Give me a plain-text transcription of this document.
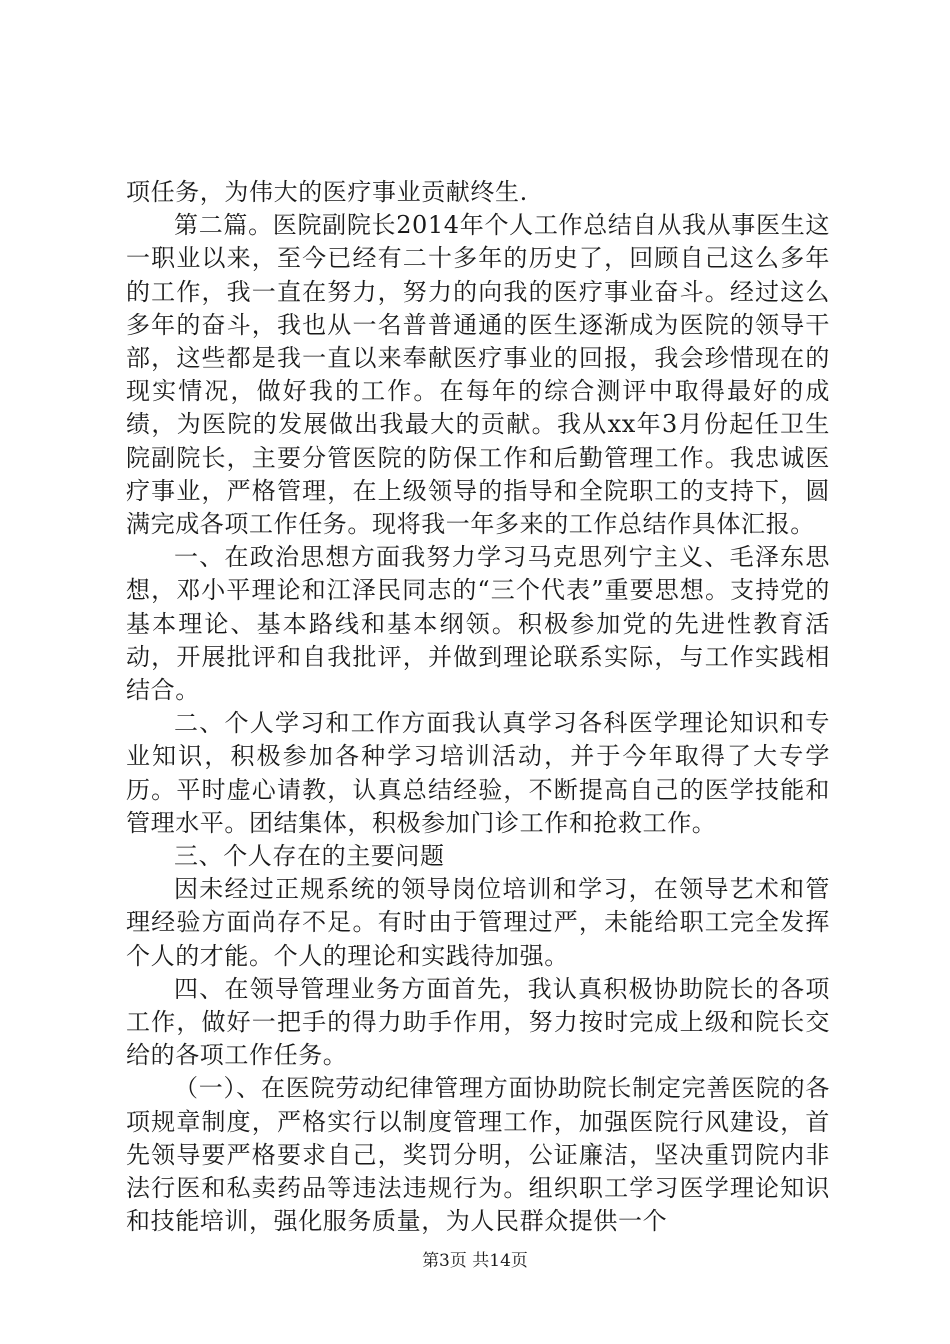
项任务，为伟大的医疗事业贡献终生.

第二篇。医院副院长2014年个人工作总结自从我从事医生这一职业以来，至今已经有二十多年的历史了，回顾自己这么多年的工作，我一直在努力，努力的向我的医疗事业奋斗。经过这么多年的奋斗，我也从一名普普通通的医生逐渐成为医院的领导干部，这些都是我一直以来奉献医疗事业的回报，我会珍惜现在的现实情况，做好我的工作。在每年的综合测评中取得最好的成绩，为医院的发展做出我最大的贡献。我从xx年3月份起任卫生院副院长，主要分管医院的防保工作和后勤管理工作。我忠诚医疗事业，严格管理，在上级领导的指导和全院职工的支持下，圆满完成各项工作任务。现将我一年多来的工作总结作具体汇报。

一、在政治思想方面我努力学习马克思列宁主义、毛泽东思想，邓小平理论和江泽民同志的“三个代表”重要思想。支持党的基本理论、基本路线和基本纲领。积极参加党的先进性教育活动，开展批评和自我批评，并做到理论联系实际，与工作实践相结合。

二、个人学习和工作方面我认真学习各科医学理论知识和专业知识，积极参加各种学习培训活动，并于今年取得了大专学历。平时虚心请教，认真总结经验，不断提高自己的医学技能和管理水平。团结集体，积极参加门诊工作和抢救工作。

三、个人存在的主要问题

因未经过正规系统的领导岗位培训和学习，在领导艺术和管理经验方面尚存不足。有时由于管理过严，未能给职工完全发挥个人的才能。个人的理论和实践待加强。

四、在领导管理业务方面首先，我认真积极协助院长的各项工作，做好一把手的得力助手作用，努力按时完成上级和院长交给的各项工作任务。

（一）、在医院劳动纪律管理方面协助院长制定完善医院的各项规章制度，严格实行以制度管理工作，加强医院行风建设，首先领导要严格要求自己，奖罚分明，公证廉洁，坚决重罚院内非法行医和私卖药品等违法违规行为。组织职工学习医学理论知识和技能培训，强化服务质量，为人民群众提供一个

第3页 共14页
